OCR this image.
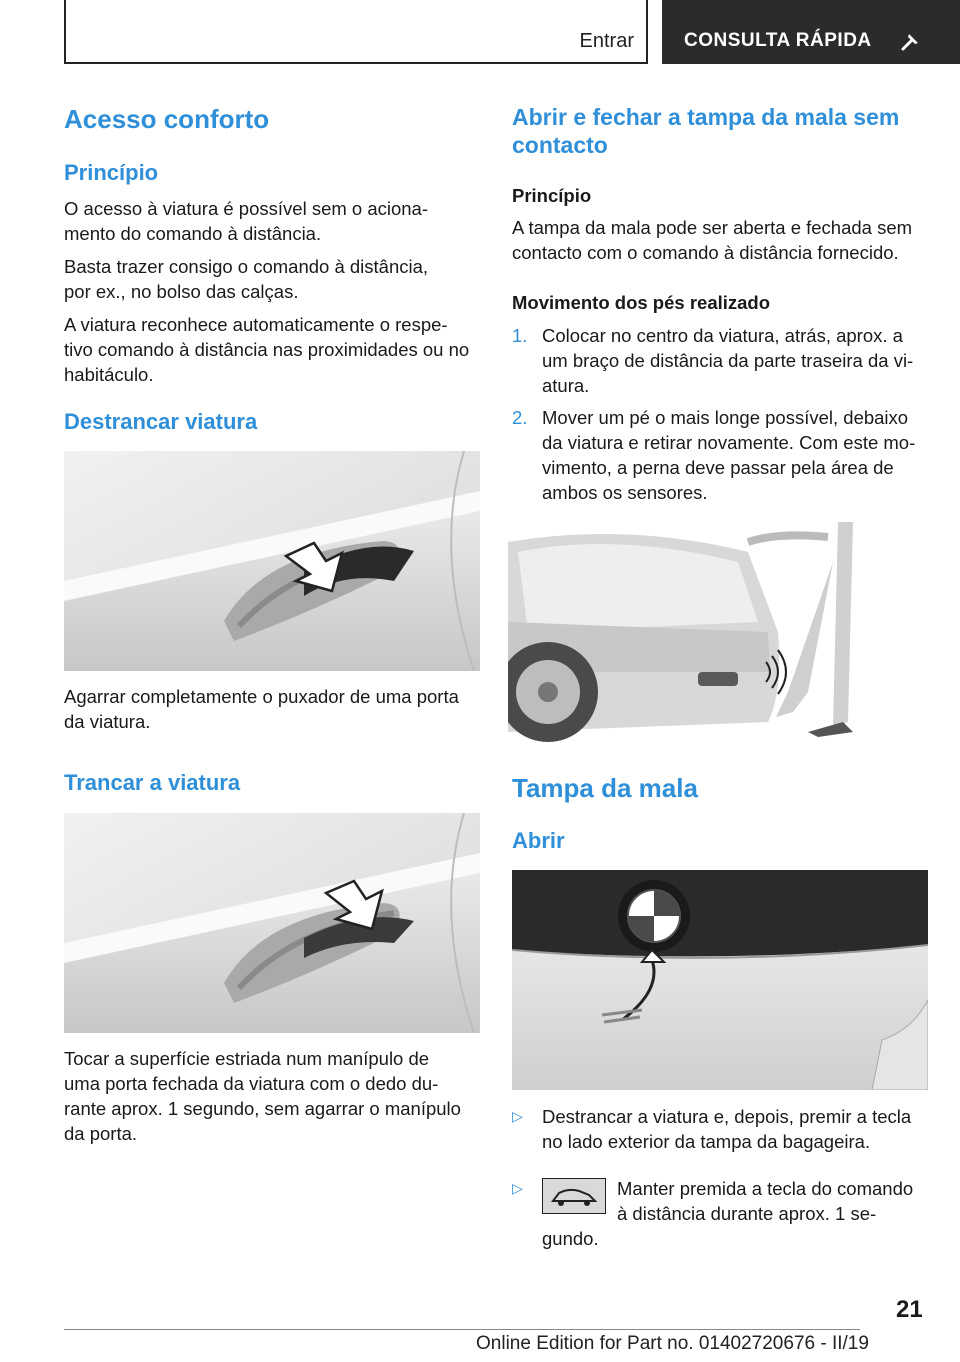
Entrar	CONSULTA RÁPIDA
Acesso conforto
Princípio
O acesso à viatura é possível sem o aciona-
mento do comando à distância.
Basta trazer consigo o comando à distância,
por ex., no bolso das calças.
A viatura reconhece automaticamente o respe-
tivo comando à distância nas proximidades ou no
habitáculo.
Destrancar viatura
Agarrar completamente o puxador de uma porta
da viatura.
Trancar a viatura
Tocar a superfície estriada num manípulo de
uma porta fechada da viatura com o dedo du-
rante aprox. 1 segundo, sem agarrar o manípulo
da porta.
Abrir e fechar a tampa da mala sem
contacto
Princípio
A tampa da mala pode ser aberta e fechada sem
contacto com o comando à distância fornecido.
Movimento dos pés realizado
1. Colocar no centro da viatura, atrás, aprox. a
um braço de distância da parte traseira da vi-
atura.
2. Mover um pé o mais longe possível, debaixo
da viatura e retirar novamente. Com este mo-
vimento, a perna deve passar pela área de
ambos os sensores.
Tampa da mala
Abrir
▷	Destrancar a viatura e, depois, premir a tecla
no lado exterior da tampa da bagageira.
▷	Manter premida a tecla do comando
à distância durante aprox. 1 se-
gundo.
21
Online Edition for Part no. 01402720676 - II/19
